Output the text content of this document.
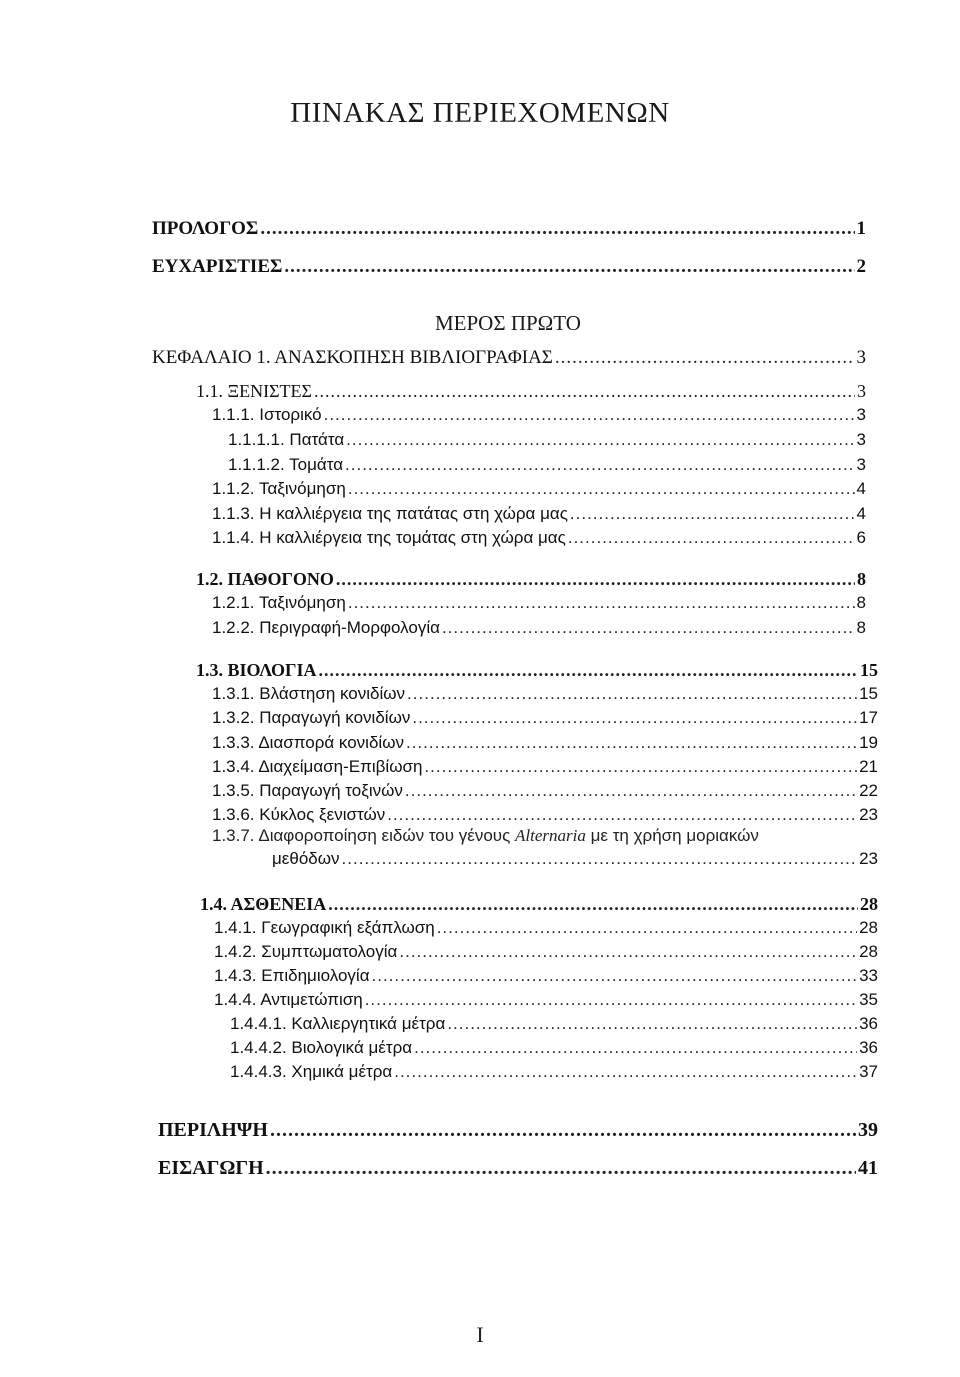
ΠΙΝΑΚΑΣ ΠΕΡΙΕΧΟΜΕΝΩΝ
ΠΡΟΛΟΓΟΣ .....	1
ΕΥΧΑΡΙΣΤΙΕΣ .....	2
ΜΕΡΟΣ ΠΡΩΤΟ
ΚΕΦΑΛΑΙΟ 1. ΑΝΑΣΚΟΠΗΣΗ ΒΙΒΛΙΟΓΡΑΦΙΑΣ .....	3
1.1. ΞΕΝΙΣΤΕΣ .....	3
1.1.1. Ιστορικό .....	3
1.1.1.1. Πατάτα .....	3
1.1.1.2. Τομάτα .....	3
1.1.2. Ταξινόμηση .....	4
1.1.3. Η καλλιέργεια της πατάτας στη χώρα μας .....	4
1.1.4. Η καλλιέργεια της τομάτας στη χώρα μας .....	6
1.2. ΠΑΘΟΓΟΝΟ .....	8
1.2.1. Ταξινόμηση .....	8
1.2.2. Περιγραφή-Μορφολογία .....	8
1.3. ΒΙΟΛΟΓΙΑ .....	15
1.3.1. Βλάστηση κονιδίων .....	15
1.3.2. Παραγωγή κονιδίων .....	17
1.3.3. Διασπορά κονιδίων .....	19
1.3.4. Διαχείμαση-Επιβίωση .....	21
1.3.5. Παραγωγή τοξινών .....	22
1.3.6. Κύκλος ξενιστών .....	23
1.3.7. Διαφοροποίηση ειδών του γένους Alternaria με τη χρήση μοριακών
μεθόδων .....	23
1.4. ΑΣΘΕΝΕΙΑ .....	28
1.4.1. Γεωγραφική εξάπλωση .....	28
1.4.2. Συμπτωματολογία .....	28
1.4.3. Επιδημιολογία .....	33
1.4.4. Αντιμετώπιση .....	35
1.4.4.1. Καλλιεργητικά μέτρα .....	36
1.4.4.2. Βιολογικά μέτρα .....	36
1.4.4.3. Χημικά μέτρα .....	37
ΠΕΡΙΛΗΨΗ .....	39
ΕΙΣΑΓΩΓΗ .....	41
I
